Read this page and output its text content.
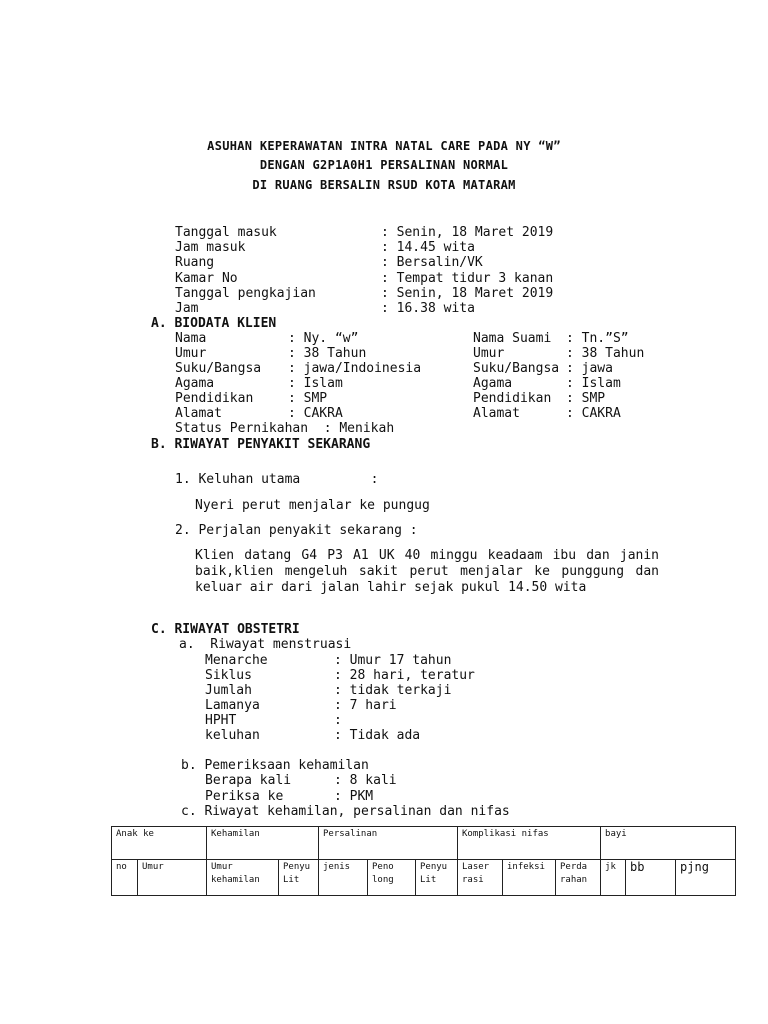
ASUHAN KEPERAWATAN INTRA NATAL CARE PADA NY “W”
DENGAN G2P1A0H1 PERSALINAN NORMAL
DI RUANG BERSALIN RSUD KOTA MATARAM
Tanggal masuk	: Senin, 18 Maret 2019
Jam masuk	: 14.45 wita
Ruang	: Bersalin/VK
Kamar No	: Tempat tidur 3 kanan
Tanggal pengkajian	: Senin, 18 Maret 2019
Jam	: 16.38 wita
A. BIODATA KLIEN
Nama	: Ny. “w”
Umur	: 38 Tahun
Suku/Bangsa : jawa/Indoinesia
Agama	: Islam
Pendidikan	: SMP
Alamat	: CAKRA
Nama Suami : Tn.”S”
Umur	: 38 Tahun
Suku/Bangsa : jawa
Agama	: Islam
Pendidikan : SMP
Alamat	: CAKRA
Status Pernikahan  : Menikah
B. RIWAYAT PENYAKIT SEKARANG
1. Keluhan utama         :
Nyeri perut menjalar ke pungug
2. Perjalan penyakit sekarang :
Klien datang G4 P3 A1 UK 40 minggu keadaam ibu dan janin baik,klien mengeluh sakit perut menjalar ke punggung dan keluar air dari jalan lahir sejak pukul 14.50 wita
C. RIWAYAT OBSTETRI
a.  Riwayat menstruasi
Menarche	: Umur 17 tahun
Siklus	: 28 hari, teratur
Jumlah	: tidak terkaji
Lamanya	: 7 hari
HPHT	:
keluhan	: Tidak ada
b. Pemeriksaan kehamilan
Berapa kali	: 8 kali
Periksa ke	: PKM
c. Riwayat kehamilan, persalinan dan nifas
Anak ke		Kehamilan		Persalinan			Komplikasi nifas			bayi		
no	Umur	Umur kehamilan	Penyu Lit	jenis	Peno long	Penyu Lit	Laser rasi	infeksi	Perda rahan	jk	bb	pjng
